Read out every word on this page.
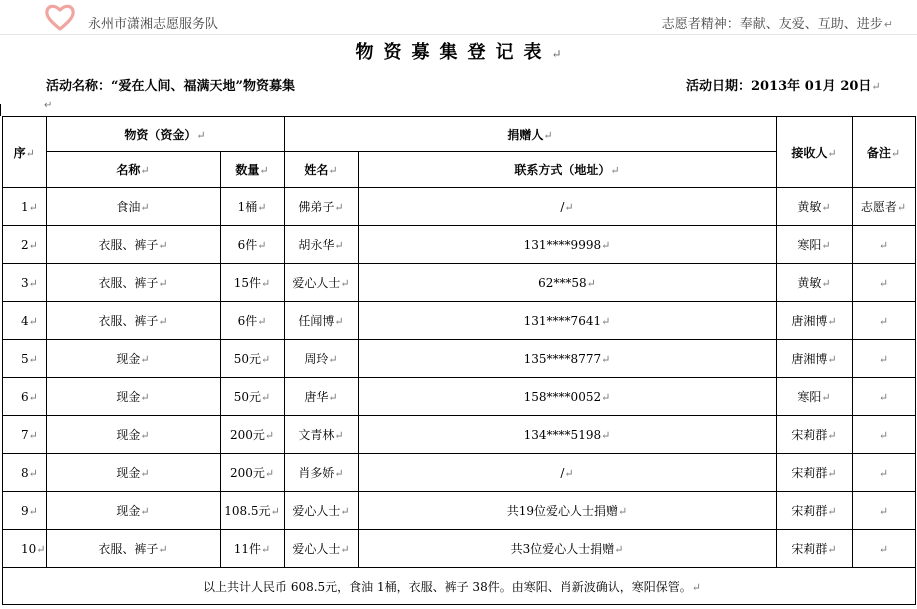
永州市潇湘志愿服务队	志愿者精神：奉献、友爱、互助、进步↵
物资募集登记表↵
活动名称：“爱在人间、福满天地”物资募集	活动日期：2013年 01月 20日↵
↵
序↵	物资（资金）↵		捐赠人↵		接收人↵	备注↵
	名称↵	数量↵	姓名↵	联系方式（地址）↵		
1↵	食油↵	1桶↵	佛弟子↵	/↵	黄敏↵	志愿者↵
2↵	衣服、裤子↵	6件↵	胡永华↵	131****9998↵	寒阳↵	↵
3↵	衣服、裤子↵	15件↵	爱心人士↵	62***58↵	黄敏↵	↵
4↵	衣服、裤子↵	6件↵	任闻博↵	131****7641↵	唐湘博↵	↵
5↵	现金↵	50元↵	周玲↵	135****8777↵	唐湘博↵	↵
6↵	现金↵	50元↵	唐华↵	158****0052↵	寒阳↵	↵
7↵	现金↵	200元↵	文青林↵	134****5198↵	宋莉群↵	↵
8↵	现金↵	200元↵	肖多娇↵	/↵	宋莉群↵	↵
9↵	现金↵	108.5元↵	爱心人士↵	共19位爱心人士捐赠↵	宋莉群↵	↵
10↵	衣服、裤子↵	11件↵	爱心人士↵	共3位爱心人士捐赠↵	宋莉群↵	↵
以上共计人民币 608.5元，食油 1桶，衣服、裤子 38件。由寒阳、肖新波确认，寒阳保管。↵						
